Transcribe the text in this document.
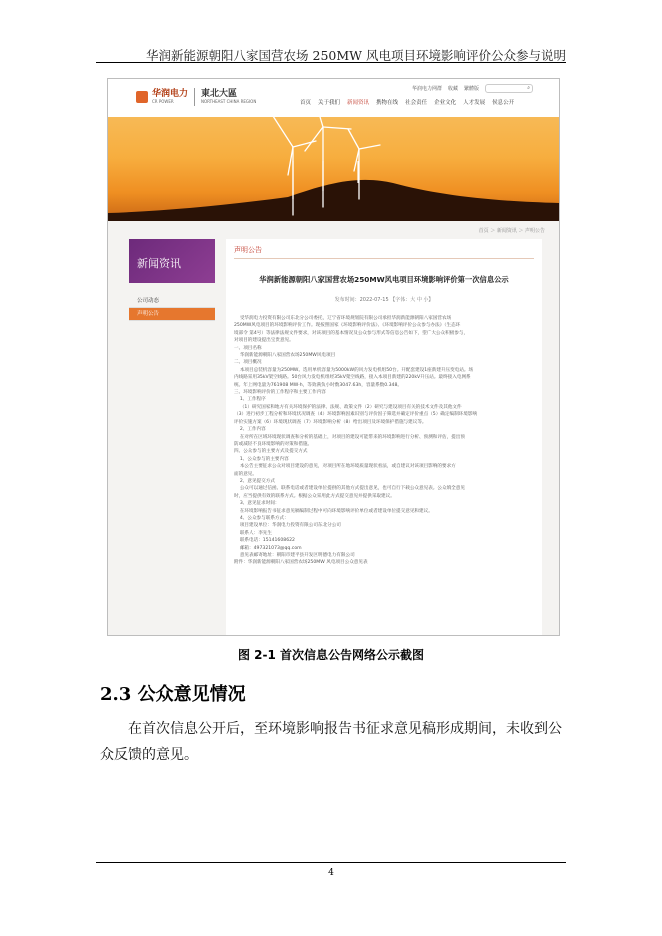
华润新能源朝阳八家国营农场 250MW 风电项目环境影响评价公众参与说明
华润电力
CR POWER
東北大區
NORTHEAST CHINA REGION
华润电力网群 收藏 繁體版	⌕
首页 关于我们 新闻资讯 携物在线 社会责任 企业文化 人才发展 侯息公开
首页 ＞ 新闻资讯 ＞ 声明公告
新闻资讯
公司动态
声明公告
声明公告
华润新能源朝阳八家国营农场250MW风电项目环境影响评价第一次信息公示
发布时间：2022-07-15 【字体：大 中 小】
受华润电力投资有限公司东北分公司委托，辽宁省环境规划院有限公司承担华润新能源朝阳八家国营农场
250MW风电项目的环境影响评价工作。现按照国家《环境影响评价法》、《环境影响评价公众参与办法》（生态环
境部令 第4号）等法律法规文件要求，对该项目的基本情况及公众参与形式等信息公告如下，望广大公众积极参与，
对项目的建设提出宝贵意见。
一、项目名称
华润新能源朝阳八家国营农场250MW风电项目
二、项目概况
本项目总装机容量为250MW。选用单机容量为5000kW的风力发电机组50台。开配套建设1座新建升压变电站。场
内线路采用35kV架空线路。50台风力发电机组经35kV架空线路，接入本项目新建的220kV升压站。最终接入电网系
统。年上网电量为761908 MW·h，等效满负小时数3047.63h，容量系数0.348。
三、环境影响评价的工作程序和主要工作内容
1、工作程序
（1）研究国家和地方有关环境保护的法律、法规、政策文件（2）研究与建设项目有关的技术文件及其他文件
（3）进行初步工程分析和环境状况调查（4）环境影响因素识别与评价因子筛选并确定评价重点（5）确定编制环境影响
评价实施方案（6）环境现状调查（7）环境影响分析（8）给出项目及环境保护措施与建议等。
2、工作内容
在对所在区域环境现状调查和分析的基础上，对项目的建设可能带来的环境影响进行分析、预测和评估，提出预
防或减轻不良环境影响的对策和措施。
四、公众参与的主要方式及提交方式
1、公众参与的主要内容
本公告主要征求公众对项目建设的意见，对项目所在地环境质量现状看法，或自建议对该项目影响的要求方
面的意见。
2、意见提交方式
公众可以通过信函、联系电话或者建设单位提供的其他方式提出意见，也可自行下载公众意见表。公众填全意见
时，应当提供有效的联系方式。根据公众采用此方式提交意见并提供采取建议。
3、意见征求时间：
在环境影响报告书征求意见稿编制过程中可向环境影响评价单位或者建设单位提交意见和建议。
4、公众参与联系方式：
项目建设单位：华润电力投资有限公司东北分公司
联系人：李先生
联系电话：15141608622
邮箱：497321073@qq.com
意见表邮寄地址：朝阳市建平县开发区明德电力有限公司
附件：华润新能源朝阳八家国营农场250MW 风电项目公众意见表
图 2-1 首次信息公告网络公示截图
2.3 公众意见情况
在首次信息公开后，至环境影响报告书征求意见稿形成期间，未收到公众反馈的意见。
4
